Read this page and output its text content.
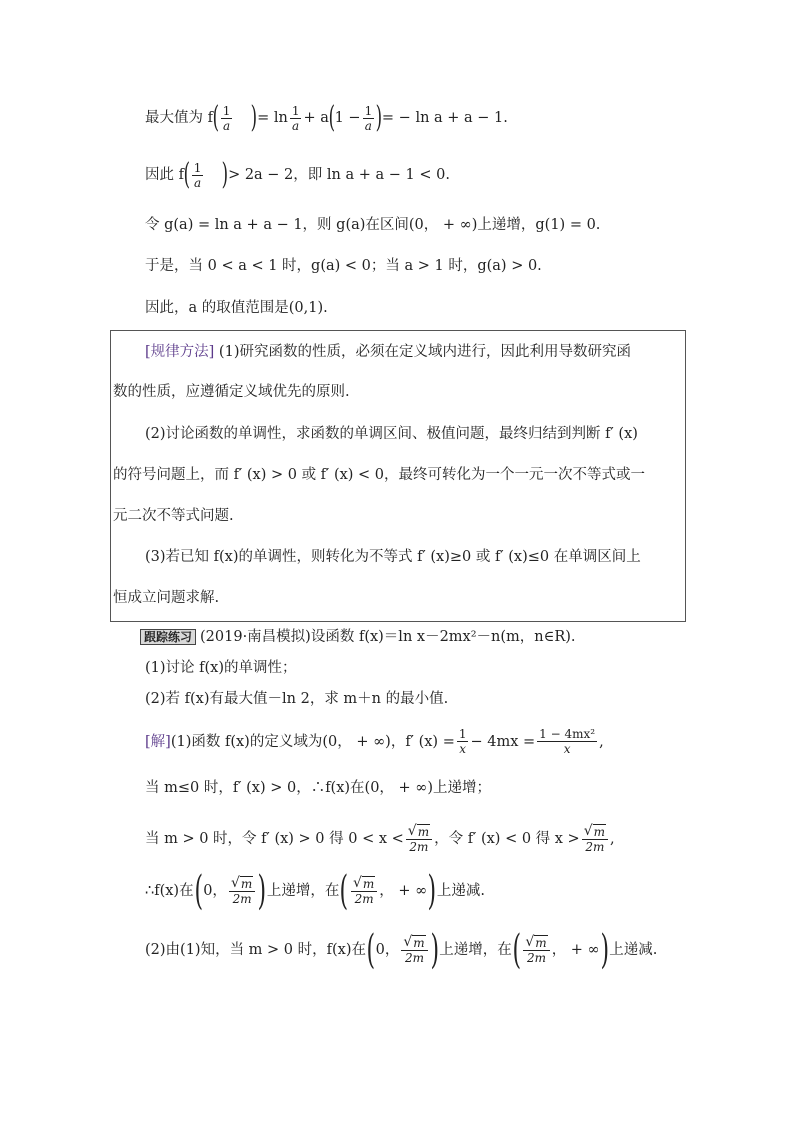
最大值为 f ( $\frac{1}{a}$ ) = $\ln \frac{1}{a} + a$ ( $1 - \frac{1}{a}$ ) = − ln a + a − 1.
因此 f ( $\frac{1}{a}$ ) > 2a − 2，即 ln a + a − 1 < 0.
令 g(a) = ln a + a − 1，则 g(a)在区间(0， + ∞)上递增，g(1) = 0.
于是，当 0 < a < 1 时，g(a) < 0；当 a > 1 时，g(a) > 0.
因此，a 的取值范围是(0,1).
[规律方法] (1)研究函数的性质，必须在定义域内进行，因此利用导数研究函
数的性质，应遵循定义域优先的原则.
(2)讨论函数的单调性，求函数的单调区间、极值问题，最终归结到判断 f′ (x)
的符号问题上，而 f′ (x) > 0 或 f′ (x) < 0，最终可转化为一个一元一次不等式或一
元二次不等式问题.
(3)若已知 f(x)的单调性，则转化为不等式 f′ (x)≥0 或 f′ (x)≤0 在单调区间上
恒成立问题求解.
跟踪练习 (2019·南昌模拟)设函数 f(x)＝ln x－2mx²－n(m，n∈R).
(1)讨论 f(x)的单调性；
(2)若 f(x)有最大值－ln 2，求 m＋n 的最小值.
[解] (1)函数 f(x)的定义域为(0， + ∞)，f′ $(x) = \frac{1}{x} - 4mx = \frac{\text{1 − 4mx²}}{x}$ ,
当 m≤0 时，f′ (x) > 0，∴f(x)在(0， + ∞)上递增；
当 m > 0 时，令 f′ (x) > 0 得 $0 < x < \frac{√ m}{2m}$ ，令 f′ (x) < 0 得 $x > \frac{√ m}{2m}$ ,
∴f(x)在 ( 0， $\frac{√ m}{2m}$ ) 上递增，在 ( $\frac{√ m}{2m}$ ， + ∞ ) 上递减.
(2)由(1)知，当 m > 0 时，f(x)在 ( 0， $\frac{√ m}{2m}$ ) 上递增，在 ( $\frac{√ m}{2m}$ ， + ∞ ) 上递减.
